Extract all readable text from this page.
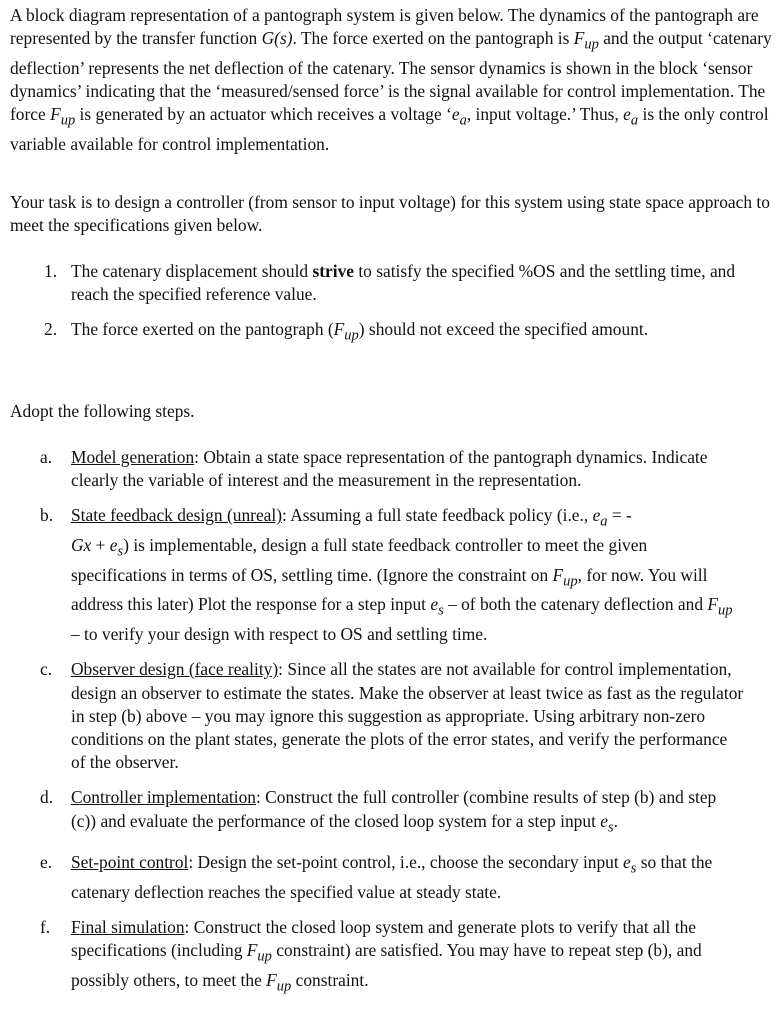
A block diagram representation of a pantograph system is given below. The dynamics of the pantograph are represented by the transfer function G(s). The force exerted on the pantograph is $F_{up}$ and the output ‘catenary deflection’ represents the net deflection of the catenary. The sensor dynamics is shown in the block ‘sensor dynamics’ indicating that the ‘measured/sensed force’ is the signal available for control implementation. The force $F_{up}$ is generated by an actuator which receives a voltage ‘$e_a$, input voltage.’ Thus, $e_a$ is the only control variable available for control implementation.

Your task is to design a controller (from sensor to input voltage) for this system using state space approach to meet the specifications given below.

1. The catenary displacement should strive to satisfy the specified %OS and the settling time, and reach the specified reference value.
2. The force exerted on the pantograph $(F_{up})$ should not exceed the specified amount.

Adopt the following steps.

a. Model generation: Obtain a state space representation of the pantograph dynamics. Indicate clearly the variable of interest and the measurement in the representation.
b. State feedback design (unreal): Assuming a full state feedback policy (i.e., $e_a$ = -
$Gx + e_s$) is implementable, design a full state feedback controller to meet the given specifications in terms of OS, settling time. (Ignore the constraint on $F_{up}$, for now. You will address this later) Plot the response for a step input $e_s$ – of both the catenary deflection and $F_{up}$ – to verify your design with respect to OS and settling time.
c. Observer design (face reality): Since all the states are not available for control implementation, design an observer to estimate the states. Make the observer at least twice as fast as the regulator in step (b) above – you may ignore this suggestion as appropriate. Using arbitrary non-zero conditions on the plant states, generate the plots of the error states, and verify the performance of the observer.
d. Controller implementation: Construct the full controller (combine results of step (b) and step (c)) and evaluate the performance of the closed loop system for a step input $e_s$.
e. Set-point control: Design the set-point control, i.e., choose the secondary input $e_s$ so that the catenary deflection reaches the specified value at steady state.
f. Final simulation: Construct the closed loop system and generate plots to verify that all the specifications (including $F_{up}$ constraint) are satisfied. You may have to repeat step (b), and possibly others, to meet the $F_{up}$ constraint.
